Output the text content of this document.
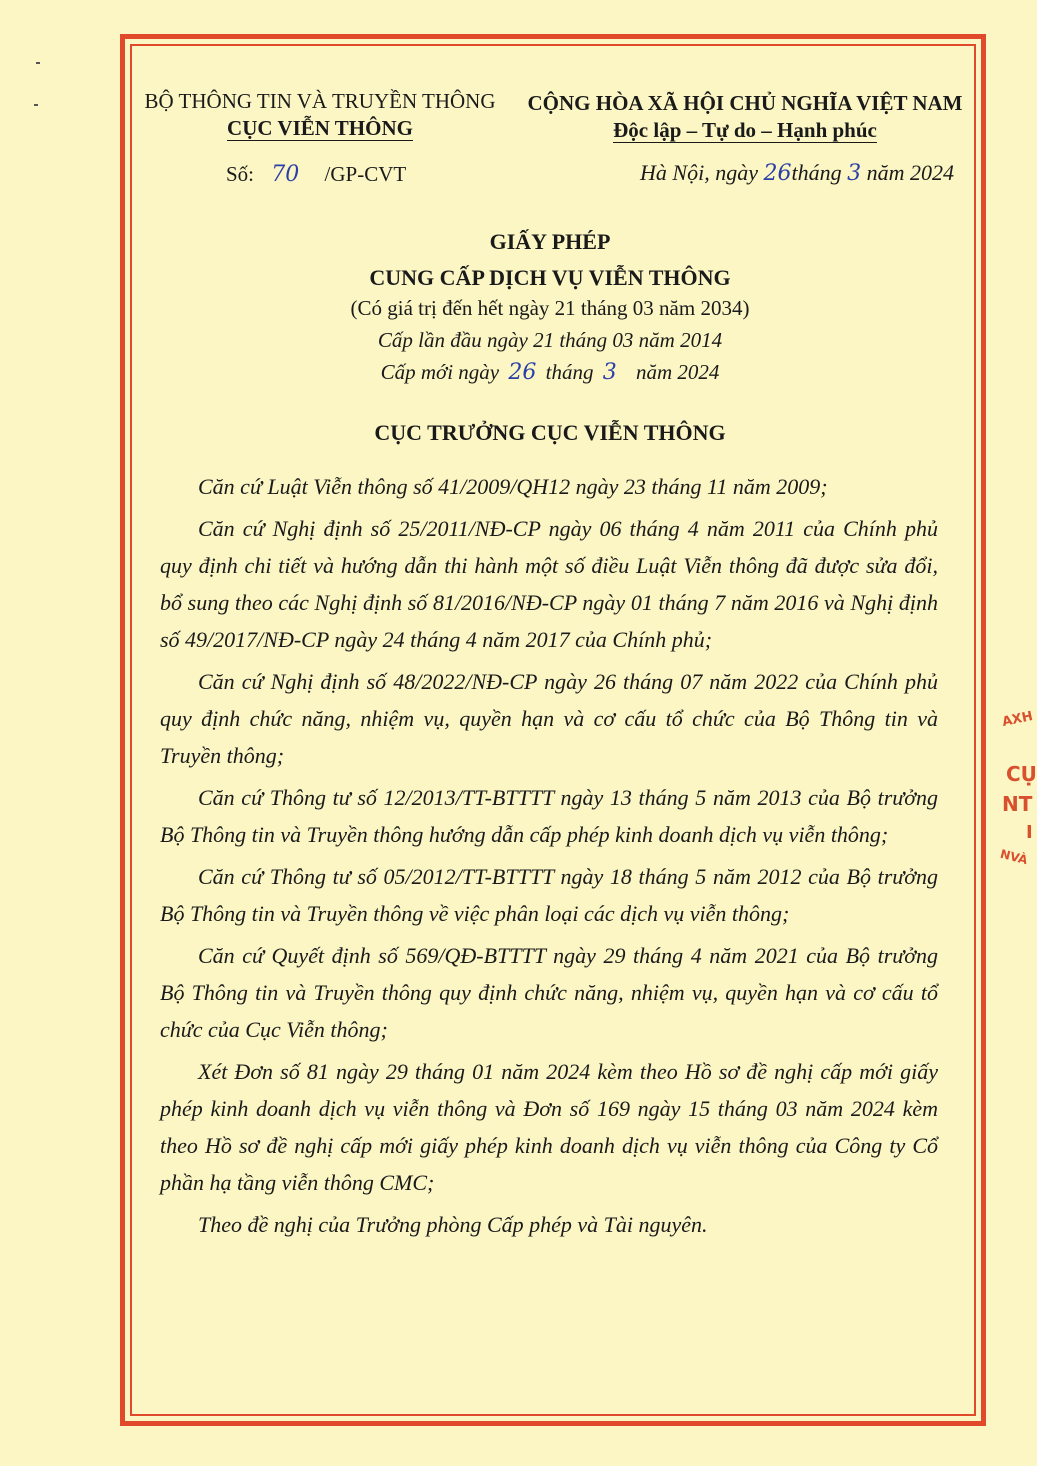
BỘ THÔNG TIN VÀ TRUYỀN THÔNG
CỤC VIỄN THÔNG
Số: 70 /GP-CVT
CỘNG HÒA XÃ HỘI CHỦ NGHĨA VIỆT NAM
Độc lập – Tự do – Hạnh phúc
Hà Nội, ngày 26tháng 3 năm 2024
GIẤY PHÉP
CUNG CẤP DỊCH VỤ VIỄN THÔNG
(Có giá trị đến hết ngày 21 tháng 03 năm 2034)
Cấp lần đầu ngày 21 tháng 03 năm 2014
Cấp mới ngày 26 tháng 3 năm 2024
CỤC TRƯỞNG CỤC VIỄN THÔNG

Căn cứ Luật Viễn thông số 41/2009/QH12 ngày 23 tháng 11 năm 2009;

Căn cứ Nghị định số 25/2011/NĐ-CP ngày 06 tháng 4 năm 2011 của Chính phủ quy định chi tiết và hướng dẫn thi hành một số điều Luật Viễn thông đã được sửa đổi, bổ sung theo các Nghị định số 81/2016/NĐ-CP ngày 01 tháng 7 năm 2016 và Nghị định số 49/2017/NĐ-CP ngày 24 tháng 4 năm 2017 của Chính phủ;

Căn cứ Nghị định số 48/2022/NĐ-CP ngày 26 tháng 07 năm 2022 của Chính phủ quy định chức năng, nhiệm vụ, quyền hạn và cơ cấu tổ chức của Bộ Thông tin và Truyền thông;

Căn cứ Thông tư số 12/2013/TT-BTTTT ngày 13 tháng 5 năm 2013 của Bộ trưởng Bộ Thông tin và Truyền thông hướng dẫn cấp phép kinh doanh dịch vụ viễn thông;

Căn cứ Thông tư số 05/2012/TT-BTTTT ngày 18 tháng 5 năm 2012 của Bộ trưởng Bộ Thông tin và Truyền thông về việc phân loại các dịch vụ viễn thông;

Căn cứ Quyết định số 569/QĐ-BTTTT ngày 29 tháng 4 năm 2021 của Bộ trưởng Bộ Thông tin và Truyền thông quy định chức năng, nhiệm vụ, quyền hạn và cơ cấu tổ chức của Cục Viễn thông;

Xét Đơn số 81 ngày 29 tháng 01 năm 2024 kèm theo Hồ sơ đề nghị cấp mới giấy phép kinh doanh dịch vụ viễn thông và Đơn số 169 ngày 15 tháng 03 năm 2024 kèm theo Hồ sơ đề nghị cấp mới giấy phép kinh doanh dịch vụ viễn thông của Công ty Cổ phần hạ tầng viễn thông CMC;

Theo đề nghị của Trưởng phòng Cấp phép và Tài nguyên.

AXH
CỤ
NT
I
NVÀ
